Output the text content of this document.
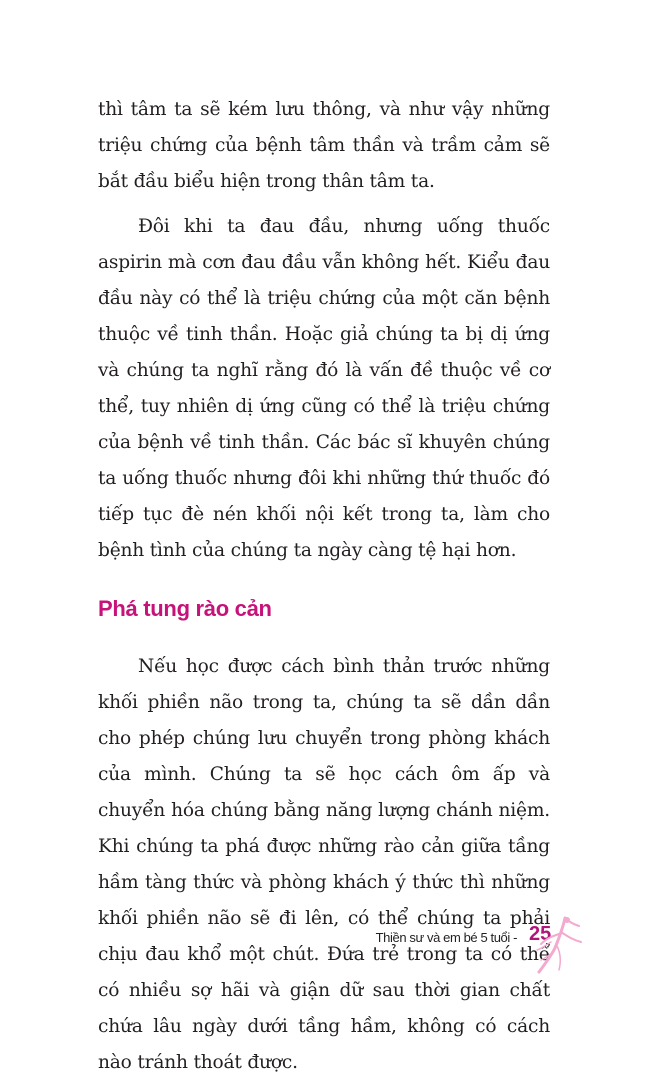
thì tâm ta sẽ kém lưu thông, và như vậy những triệu chứng của bệnh tâm thần và trầm cảm sẽ bắt đầu biểu hiện trong thân tâm ta.

Đôi khi ta đau đầu, nhưng uống thuốc aspirin mà cơn đau đầu vẫn không hết. Kiểu đau đầu này có thể là triệu chứng của một căn bệnh thuộc về tinh thần. Hoặc giả chúng ta bị dị ứng và chúng ta nghĩ rằng đó là vấn đề thuộc về cơ thể, tuy nhiên dị ứng cũng có thể là triệu chứng của bệnh về tinh thần. Các bác sĩ khuyên chúng ta uống thuốc nhưng đôi khi những thứ thuốc đó tiếp tục đè nén khối nội kết trong ta, làm cho bệnh tình của chúng ta ngày càng tệ hại hơn.

Phá tung rào cản

Nếu học được cách bình thản trước những khối phiền não trong ta, chúng ta sẽ dần dần cho phép chúng lưu chuyển trong phòng khách của mình. Chúng ta sẽ học cách ôm ấp và chuyển hóa chúng bằng năng lượng chánh niệm. Khi chúng ta phá được những rào cản giữa tầng hầm tàng thức và phòng khách ý thức thì những khối phiền não sẽ đi lên, có thể chúng ta phải chịu đau khổ một chút. Đứa trẻ trong ta có thể có nhiều sợ hãi và giận dữ sau thời gian chất chứa lâu ngày dưới tầng hầm, không có cách nào tránh thoát được.

Thiền sư và em bé 5 tuổi - 25
